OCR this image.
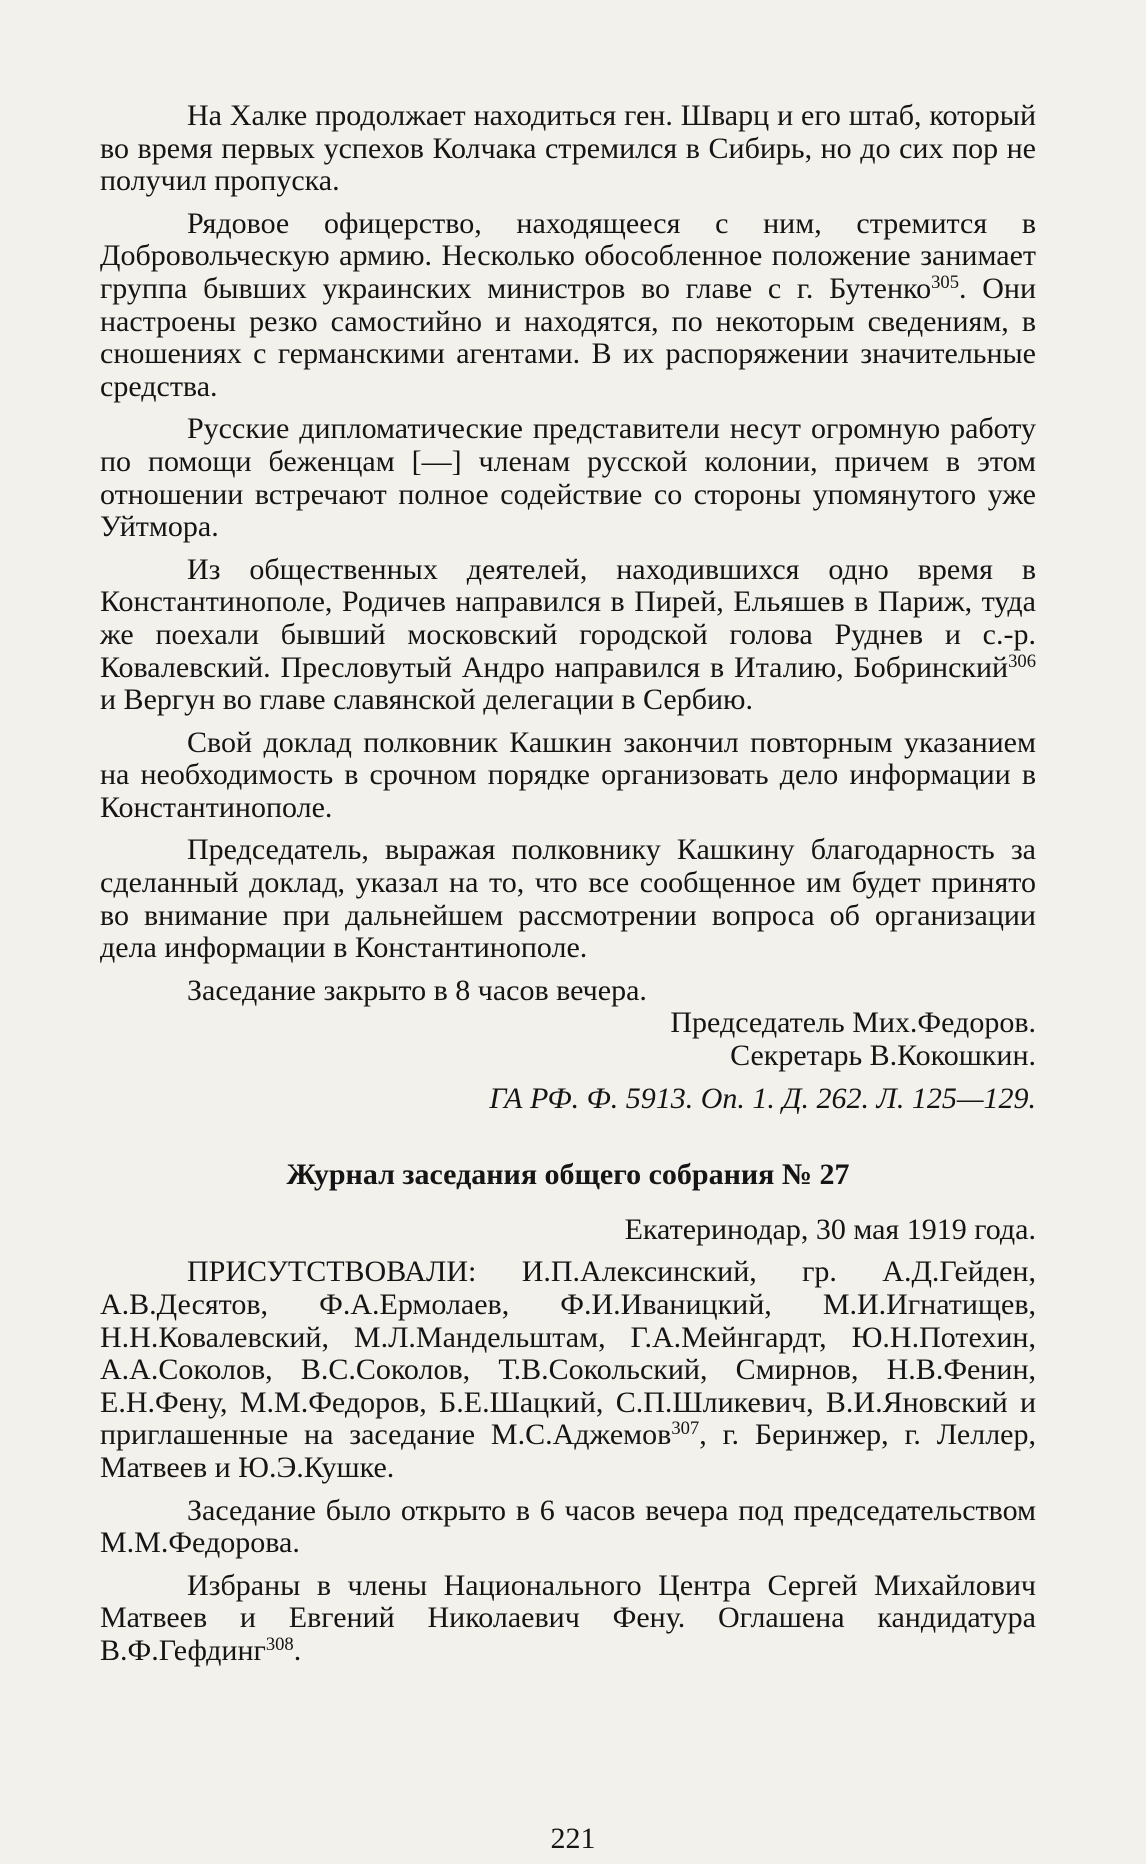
На Халке продолжает находиться ген. Шварц и его штаб, который во время первых успехов Колчака стремился в Сибирь, но до сих пор не получил пропуска.

Рядовое офицерство, находящееся с ним, стремится в Добровольческую армию. Несколько обособленное положение занимает группа бывших украинских министров во главе с г. Бутенко$^{305}$. Они настроены резко самостийно и находятся, по некоторым сведениям, в сношениях с германскими агентами. В их распоряжении значительные средства.

Русские дипломатические представители несут огромную работу по помощи беженцам [—] членам русской колонии, причем в этом отношении встречают полное содействие со стороны упомянутого уже Уйтмора.

Из общественных деятелей, находившихся одно время в Константинополе, Родичев направился в Пирей, Ельяшев в Париж, туда же поехали бывший московский городской голова Руднев и с.-р. Ковалевский. Пресловутый Андро направился в Италию, Бобринский$^{306}$ и Вергун во главе славянской делегации в Сербию.

Свой доклад полковник Кашкин закончил повторным указанием на необходимость в срочном порядке организовать дело информации в Константинополе.

Председатель, выражая полковнику Кашкину благодарность за сделанный доклад, указал на то, что все сообщенное им будет принято во внимание при дальнейшем рассмотрении вопроса об организации дела информации в Константинополе.

Заседание закрыто в 8 часов вечера.

Председатель Мих.Федоров.
Секретарь В.Кокошкин.
ГА РФ. Ф. 5913. Оп. 1. Д. 262. Л. 125—129.
Журнал заседания общего собрания № 27
Екатеринодар, 30 мая 1919 года.

ПРИСУТСТВОВАЛИ: И.П.Алексинский, гр. А.Д.Гейден, А.В.Десятов, Ф.А.Ермолаев, Ф.И.Иваницкий, М.И.Игнатищев, Н.Н.Ковалевский, М.Л.Мандельштам, Г.А.Мейнгардт, Ю.Н.Потехин, А.А.Соколов, В.С.Соколов, Т.В.Сокольский, Смирнов, Н.В.Фенин, Е.Н.Фену, М.М.Федоров, Б.Е.Шацкий, С.П.Шликевич, В.И.Яновский и приглашенные на заседание М.С.Аджемов$^{307}$, г. Беринжер, г. Леллер, Матвеев и Ю.Э.Кушке.

Заседание было открыто в 6 часов вечера под председательством М.М.Федорова.

Избраны в члены Национального Центра Сергей Михайлович Матвеев и Евгений Николаевич Фену. Оглашена кандидатура В.Ф.Гефдинг$^{308}$.

221
